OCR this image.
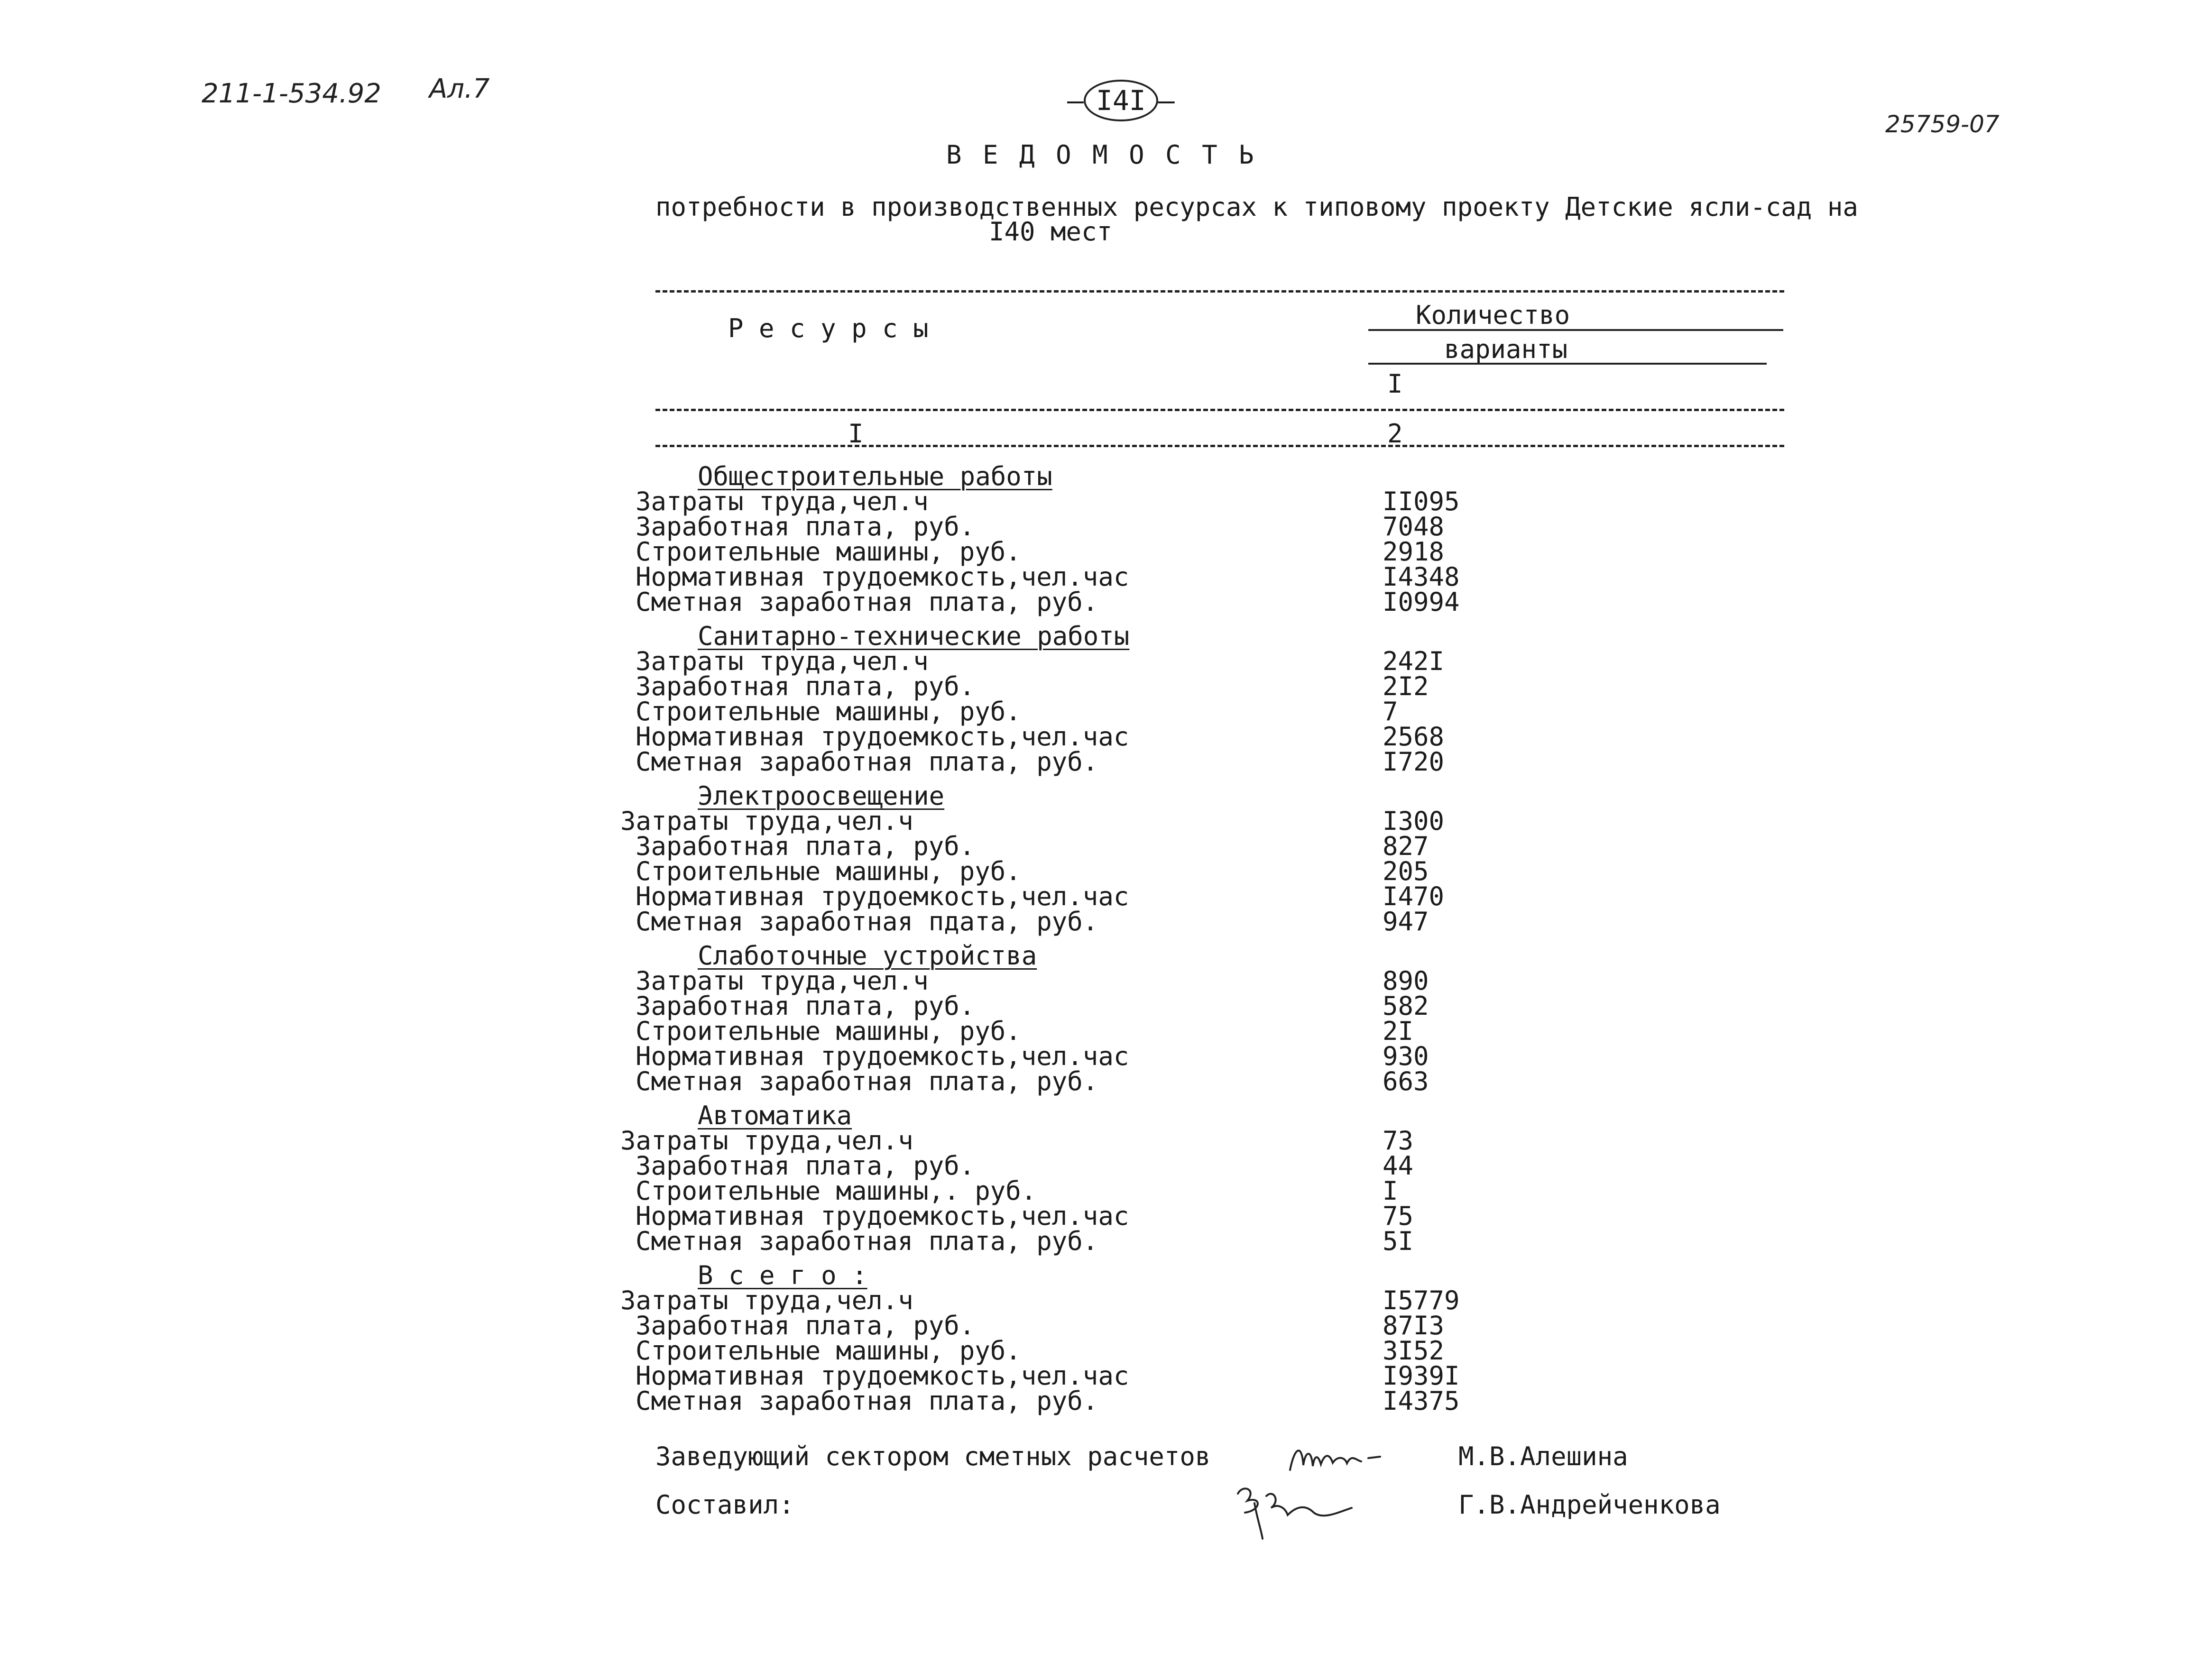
211-1-534.92 Ал.7
25759-07
– I4I –
В Е Д О М О С Т Ь
потребности в производственных ресурсах к типовому проекту Детские ясли-сад на
I40 мест
Р е с у р с ы	Количество
варианты
I
I	2
Общестроительные работы
Затраты труда,чел.ч	II095
Заработная плата, руб.	7048
Строительные машины, руб.	2918
Нормативная трудоемкость,чел.час	I4348
Сметная заработная плата, руб.	I0994
Санитарно-технические работы
Затраты труда,чел.ч	242I
Заработная плата, руб.	2I2
Строительные машины, руб.	7
Нормативная трудоемкость,чел.час	2568
Сметная заработная плата, руб.	I720
Электроосвещение
Затраты труда,чел.ч	I300
Заработная плата, руб.	827
Строительные машины, руб.	205
Нормативная трудоемкость,чел.час	I470
Сметная заработная пдата, руб.	947
Слаботочные устройства
Затраты труда,чел.ч	890
Заработная плата, руб.	582
Строительные машины, руб.	2I
Нормативная трудоемкость,чел.час	930
Сметная заработная плата, руб.	663
Автоматика
Затраты труда,чел.ч	73
Заработная плата, руб.	44
Строительные машины,. руб.	I
Нормативная трудоемкость,чел.час	75
Сметная заработная плата, руб.	5I
В с е г о :
Затраты труда,чел.ч	I5779
Заработная плата, руб.	87I3
Строительные машины, руб.	3I52
Нормативная трудоемкость,чел.час	I939I
Сметная заработная плата, руб.	I4375
Заведующий сектором сметных расчетов	М.В.Алешина
Составил:	Г.В.Андрейченкова
